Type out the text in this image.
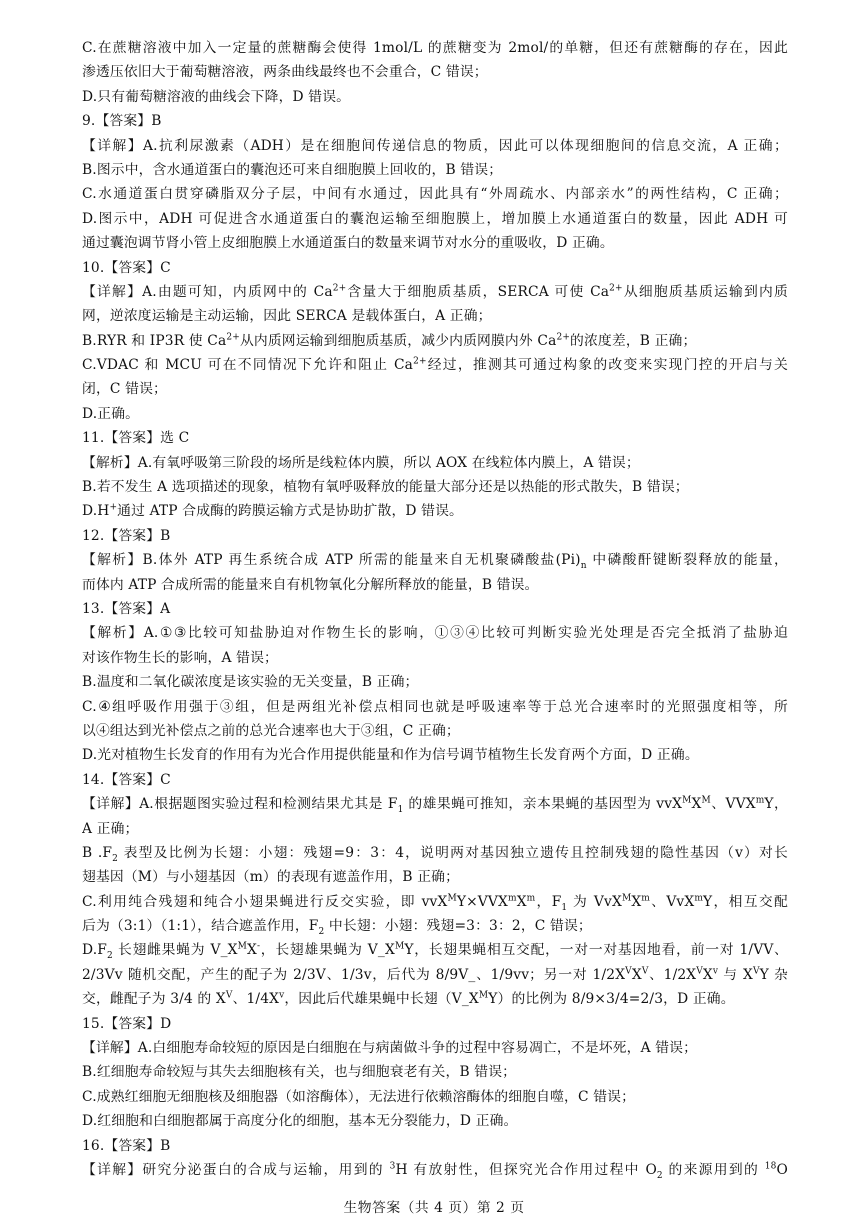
C.在蔗糖溶液中加入一定量的蔗糖酶会使得 1mol/L 的蔗糖变为 2mol/的单糖，但还有蔗糖酶的存在，因此
渗透压依旧大于葡萄糖溶液，两条曲线最终也不会重合，C 错误；
D.只有葡萄糖溶液的曲线会下降，D 错误。
9.【答案】B
【详解】A.抗利尿激素（ADH）是在细胞间传递信息的物质，因此可以体现细胞间的信息交流，A 正确；
B.图示中，含水通道蛋白的囊泡还可来自细胞膜上回收的，B 错误；
C.水通道蛋白贯穿磷脂双分子层，中间有水通过，因此具有“外周疏水、内部亲水”的两性结构，C 正确；
D.图示中，ADH 可促进含水通道蛋白的囊泡运输至细胞膜上，增加膜上水通道蛋白的数量，因此 ADH 可
通过囊泡调节肾小管上皮细胞膜上水通道蛋白的数量来调节对水分的重吸收，D 正确。
10.【答案】C
【详解】A.由题可知，内质网中的 $Ca^{2+}$含量大于细胞质基质，SERCA 可使 $Ca^{2+}$从细胞质基质运输到内质
网，逆浓度运输是主动运输，因此 SERCA 是载体蛋白，A 正确；
B.RYR 和 IP3R 使 $Ca^{2+}$从内质网运输到细胞质基质，减少内质网膜内外 $Ca^{2+}$的浓度差，B 正确；
C.VDAC 和 MCU 可在不同情况下允许和阻止 $Ca^{2+}$经过，推测其可通过构象的改变来实现门控的开启与关
闭，C 错误；
D.正确。
11.【答案】选 C
【解析】A.有氧呼吸第三阶段的场所是线粒体内膜，所以 AOX 在线粒体内膜上，A 错误；
B.若不发生 A 选项描述的现象，植物有氧呼吸释放的能量大部分还是以热能的形式散失，B 错误；
D.H+通过 ATP 合成酶的跨膜运输方式是协助扩散，D 错误。
12.【答案】B
【解析】B.体外 ATP 再生系统合成 ATP 所需的能量来自无机聚磷酸盐$(Pi)_n$ 中磷酸酐键断裂释放的能量，
而体内 ATP 合成所需的能量来自有机物氧化分解所释放的能量，B 错误。
13.【答案】A
【解析】A.①③比较可知盐胁迫对作物生长的影响，①③④比较可判断实验光处理是否完全抵消了盐胁迫
对该作物生长的影响，A 错误；
B.温度和二氧化碳浓度是该实验的无关变量，B 正确；
C.④组呼吸作用强于③组，但是两组光补偿点相同也就是呼吸速率等于总光合速率时的光照强度相等，所
以④组达到光补偿点之前的总光合速率也大于③组，C 正确；
D.光对植物生长发育的作用有为光合作用提供能量和作为信号调节植物生长发育两个方面，D 正确。
14.【答案】C
【详解】A.根据题图实验过程和检测结果尤其是 $F_1$ 的雄果蝇可推知，亲本果蝇的基因型为 $vvX^MX^M$、VVX$^m$Y，
A 正确；
B $.F_2$ 表型及比例为长翅：小翅：残翅=9：3：4，说明两对基因独立遗传且控制残翅的隐性基因（v）对长
翅基因（M）与小翅基因（m）的表现有遮盖作用，B 正确；
C.利用纯合残翅和纯合小翅果蝇进行反交实验，即 $vvX^MY\times VVX^mX^m$，$F_1$ 为 $VvX^MX^m$、VvX$^m$Y，相互交配
后为（3:1）（1:1），结合遮盖作用，$F_2$ 中长翅：小翅：残翅=3：3：2，C 错误；
$D.F_2$ 长翅雌果蝇为 $V\_X^MX^-$，长翅雄果蝇为 $V\_X^MY$，长翅果蝇相互交配，一对一对基因地看，前一对 1/VV、
2/3Vv 随机交配，产生的配子为 2/3V、1/3v，后代为 8/9V_、1/9vv；另一对 $1/2X^VX^V$、$1/2X^VX^v$ 与 $X^VY$ 杂
交，雌配子为 3/4 的 $X^V$、$1/4X^v$，因此后代雄果蝇中长翅$(V\_X^MY)$的比例为 8/9×3/4=2/3，D 正确。
15.【答案】D
【详解】A.白细胞寿命较短的原因是白细胞在与病菌做斗争的过程中容易凋亡，不是坏死，A 错误；
B.红细胞寿命较短与其失去细胞核有关，也与细胞衰老有关，B 错误；
C.成熟红细胞无细胞核及细胞器（如溶酶体），无法进行依赖溶酶体的细胞自噬，C 错误；
D.红细胞和白细胞都属于高度分化的细胞，基本无分裂能力，D 正确。
16.【答案】B
【详解】研究分泌蛋白的合成与运输，用到的 $^3$H 有放射性，但探究光合作用过程中 $O_2$ 的来源用到的 $^{18}$O
生物答案（共 4 页）第 2 页
